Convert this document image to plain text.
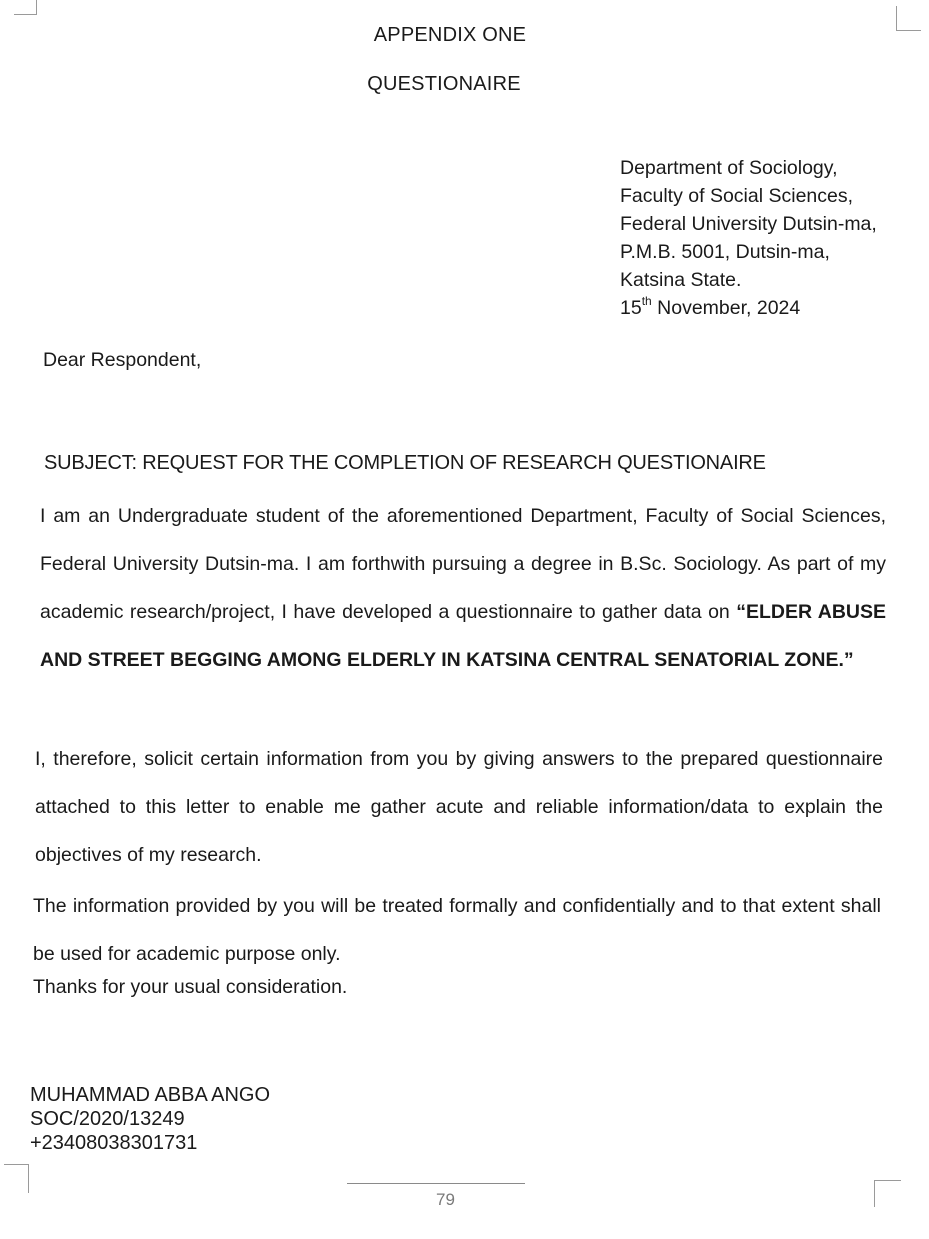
APPENDIX ONE
QUESTIONAIRE
Department of Sociology,
Faculty of Social Sciences,
Federal University Dutsin-ma,
P.M.B. 5001, Dutsin-ma,
Katsina State.
15th November, 2024
Dear Respondent,
SUBJECT: REQUEST FOR THE COMPLETION OF RESEARCH QUESTIONAIRE
I am an Undergraduate student of the aforementioned Department, Faculty of Social Sciences, Federal University Dutsin-ma. I am forthwith pursuing a degree in B.Sc. Sociology. As part of my academic research/project, I have developed a questionnaire to gather data on “ELDER ABUSE AND STREET BEGGING AMONG ELDERLY IN KATSINA CENTRAL SENATORIAL ZONE.”
I, therefore, solicit certain information from you by giving answers to the prepared questionnaire attached to this letter to enable me gather acute and reliable information/data to explain the objectives of my research.
The information provided by you will be treated formally and confidentially and to that extent shall be used for academic purpose only.
Thanks for your usual consideration.
MUHAMMAD ABBA ANGO
SOC/2020/13249
+23408038301731
79
